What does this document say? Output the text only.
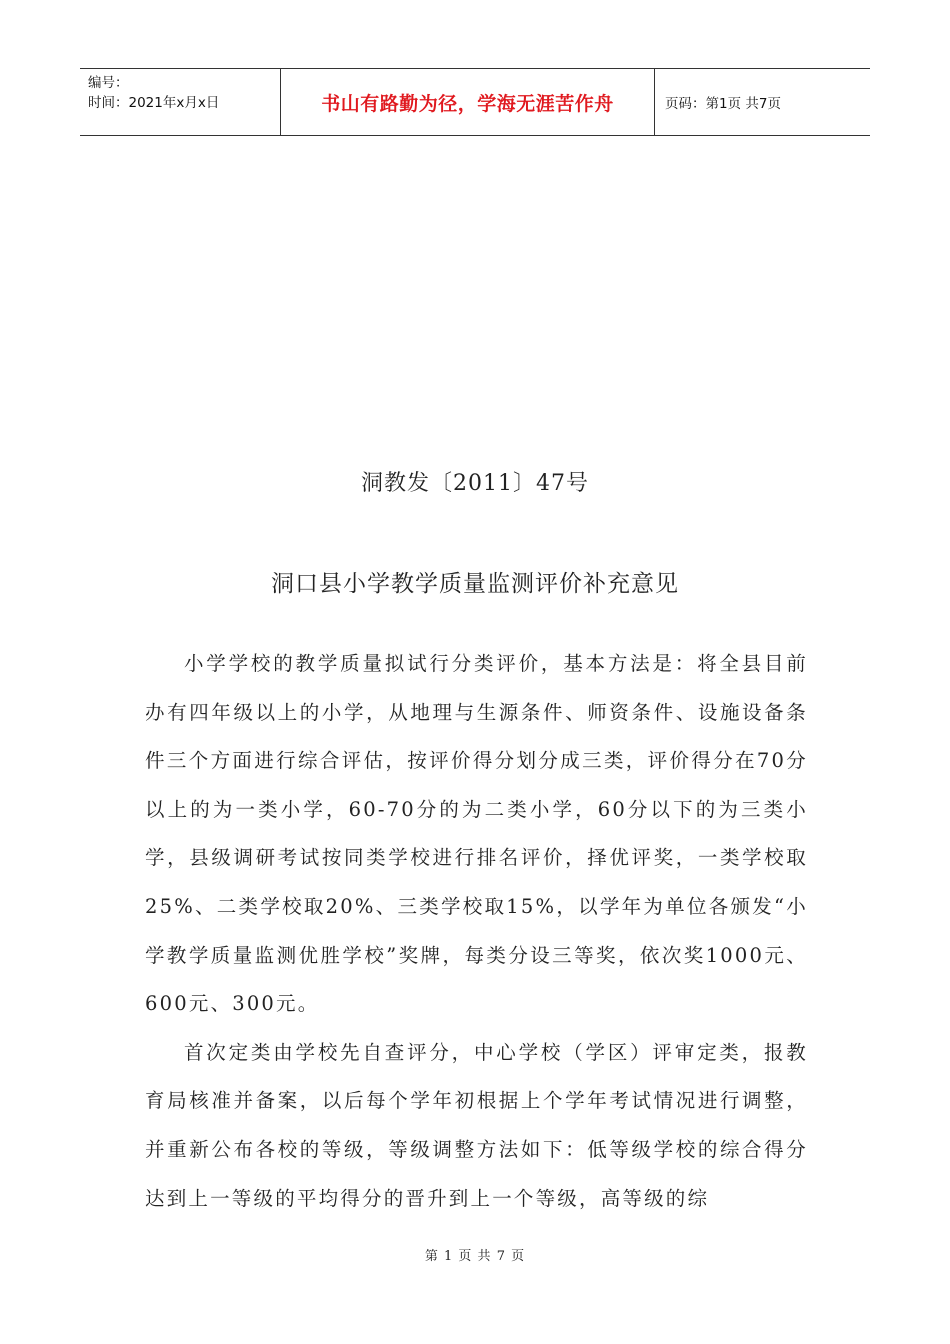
编号：
时间：2021年x月x日	书山有路勤为径，学海无涯苦作舟	页码：第1页 共7页
洞教发〔2011〕47号
洞口县小学教学质量监测评价补充意见

小学学校的教学质量拟试行分类评价，基本方法是：将全县目前办有四年级以上的小学，从地理与生源条件、师资条件、设施设备条件三个方面进行综合评估，按评价得分划分成三类，评价得分在70分以上的为一类小学，60-70分的为二类小学，60分以下的为三类小学，县级调研考试按同类学校进行排名评价，择优评奖，一类学校取25%、二类学校取20%、三类学校取15%，以学年为单位各颁发“小学教学质量监测优胜学校”奖牌，每类分设三等奖，依次奖1000元、600元、300元。

首次定类由学校先自查评分，中心学校（学区）评审定类，报教育局核准并备案，以后每个学年初根据上个学年考试情况进行调整，并重新公布各校的等级，等级调整方法如下：低等级学校的综合得分达到上一等级的平均得分的晋升到上一个等级，高等级的综

第 1 页 共 7 页
